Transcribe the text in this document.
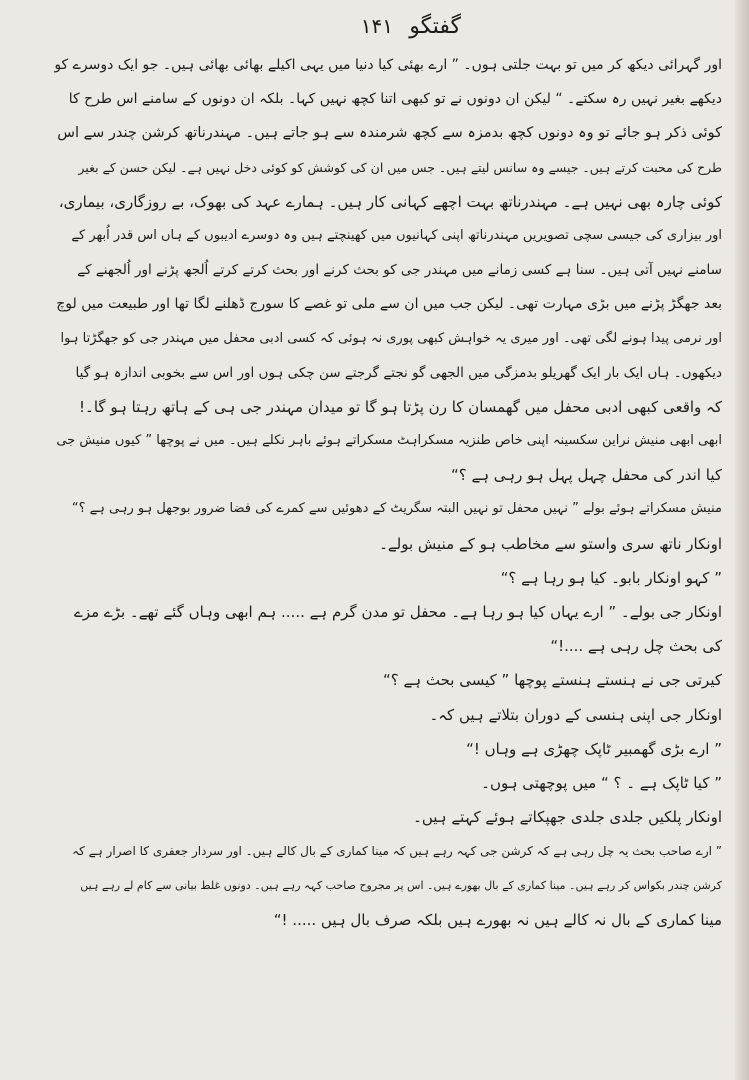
گفتگو
۱۴۱
اور گہرائی دیکھ کر میں تو بہت جلتی ہوں۔ ” ارے بھئی کیا دنیا میں یہی اکیلے بھائی بھائی ہیں۔ جو ایک دوسرے کو
دیکھے بغیر نہیں رہ سکتے۔ “ لیکن ان دونوں نے تو کبھی اتنا کچھ نہیں کہا۔ بلکہ ان دونوں کے سامنے اس طرح کا
کوئی ذکر ہو جائے تو وہ دونوں کچھ بدمزہ سے کچھ شرمندہ سے ہو جاتے ہیں۔ مہندرناتھ کرشن چندر سے اس
طرح کی محبت کرتے ہیں۔ جیسے وہ سانس لیتے ہیں۔ جس میں ان کی کوشش کو کوئی دخل نہیں ہے۔ لیکن حسن کے بغیر
کوئی چارہ بھی نہیں ہے۔ مہندرناتھ بہت اچھے کہانی کار ہیں۔ ہمارے عہد کی بھوک، بے روزگاری، بیماری،
اور بیزاری کی جیسی سچی تصویریں مہندرناتھ اپنی کہانیوں میں کھینچتے ہیں وہ دوسرے ادیبوں کے ہاں اس قدر اُبھر کے
سامنے نہیں آتی ہیں۔ سنا ہے کسی زمانے میں مہندر جی کو بحث کرنے اور بحث کرتے کرتے اُلجھ پڑنے اور اُلجھنے کے
بعد جھگڑ پڑنے میں بڑی مہارت تھی۔ لیکن جب میں ان سے ملی تو غصے کا سورج ڈھلنے لگا تھا اور طبیعت میں لوچ
اور نرمی پیدا ہونے لگی تھی۔ اور میری یہ خواہش کبھی پوری نہ ہوئی کہ کسی ادبی محفل میں مہندر جی کو جھگڑتا ہوا
دیکھوں۔ ہاں ایک بار ایک گھریلو بدمزگی میں الجھی گو نجتے گرجتے سن چکی ہوں اور اس سے بخوبی اندازہ ہو گیا
کہ واقعی کبھی ادبی محفل میں گھمسان کا رن پڑتا ہو گا تو میدان مہندر جی ہی کے ہاتھ رہتا ہو گا۔!
ابھی ابھی منیش نراین سکسینہ اپنی خاص طنزیہ مسکراہٹ مسکراتے ہوئے باہر نکلے ہیں۔ میں نے پوچھا ” کیوں منیش جی
کیا اندر کی محفل چہل پہل ہو رہی ہے ؟“
منیش مسکراتے ہوئے بولے ” نہیں محفل تو نہیں البتہ سگریٹ کے دھوئیں سے کمرے کی فضا ضرور بوجھل ہو رہی ہے ؟“
اونکار ناتھ سری واستو سے مخاطب ہو کے منیش بولے۔
” کہو اونکار بابو۔ کیا ہو رہا ہے ؟“
اونکار جی بولے۔ ” ارے یہاں کیا ہو رہا ہے۔ محفل تو مدن گرم ہے ..... ہم ابھی وہاں گئے تھے۔ بڑے مزے
کی بحث چل رہی ہے ....!“
کیرتی جی نے ہنستے ہنستے پوچھا ” کیسی بحث ہے ؟“
اونکار جی اپنی ہنسی کے دوران بتلاتے ہیں کہ۔
” ارے بڑی گھمبیر ٹاپک چھڑی ہے وہاں !“
” کیا ٹاپک ہے ۔ ؟ “ میں پوچھتی ہوں۔
اونکار پلکیں جلدی جلدی جھپکاتے ہوئے کہتے ہیں۔
” ارے صاحب بحث یہ چل رہی ہے کہ کرشن جی کہہ رہے ہیں کہ مینا کماری کے بال کالے ہیں۔ اور سردار جعفری کا اصرار ہے کہ
کرشن چندر بکواس کر رہے ہیں۔ مینا کماری کے بال بھورے ہیں۔ اس پر مجروح صاحب کہہ رہے ہیں۔ دونوں غلط بیانی سے کام لے رہے ہیں
مینا کماری کے بال نہ کالے ہیں نہ بھورے ہیں بلکہ صرف بال ہیں ..... !“
